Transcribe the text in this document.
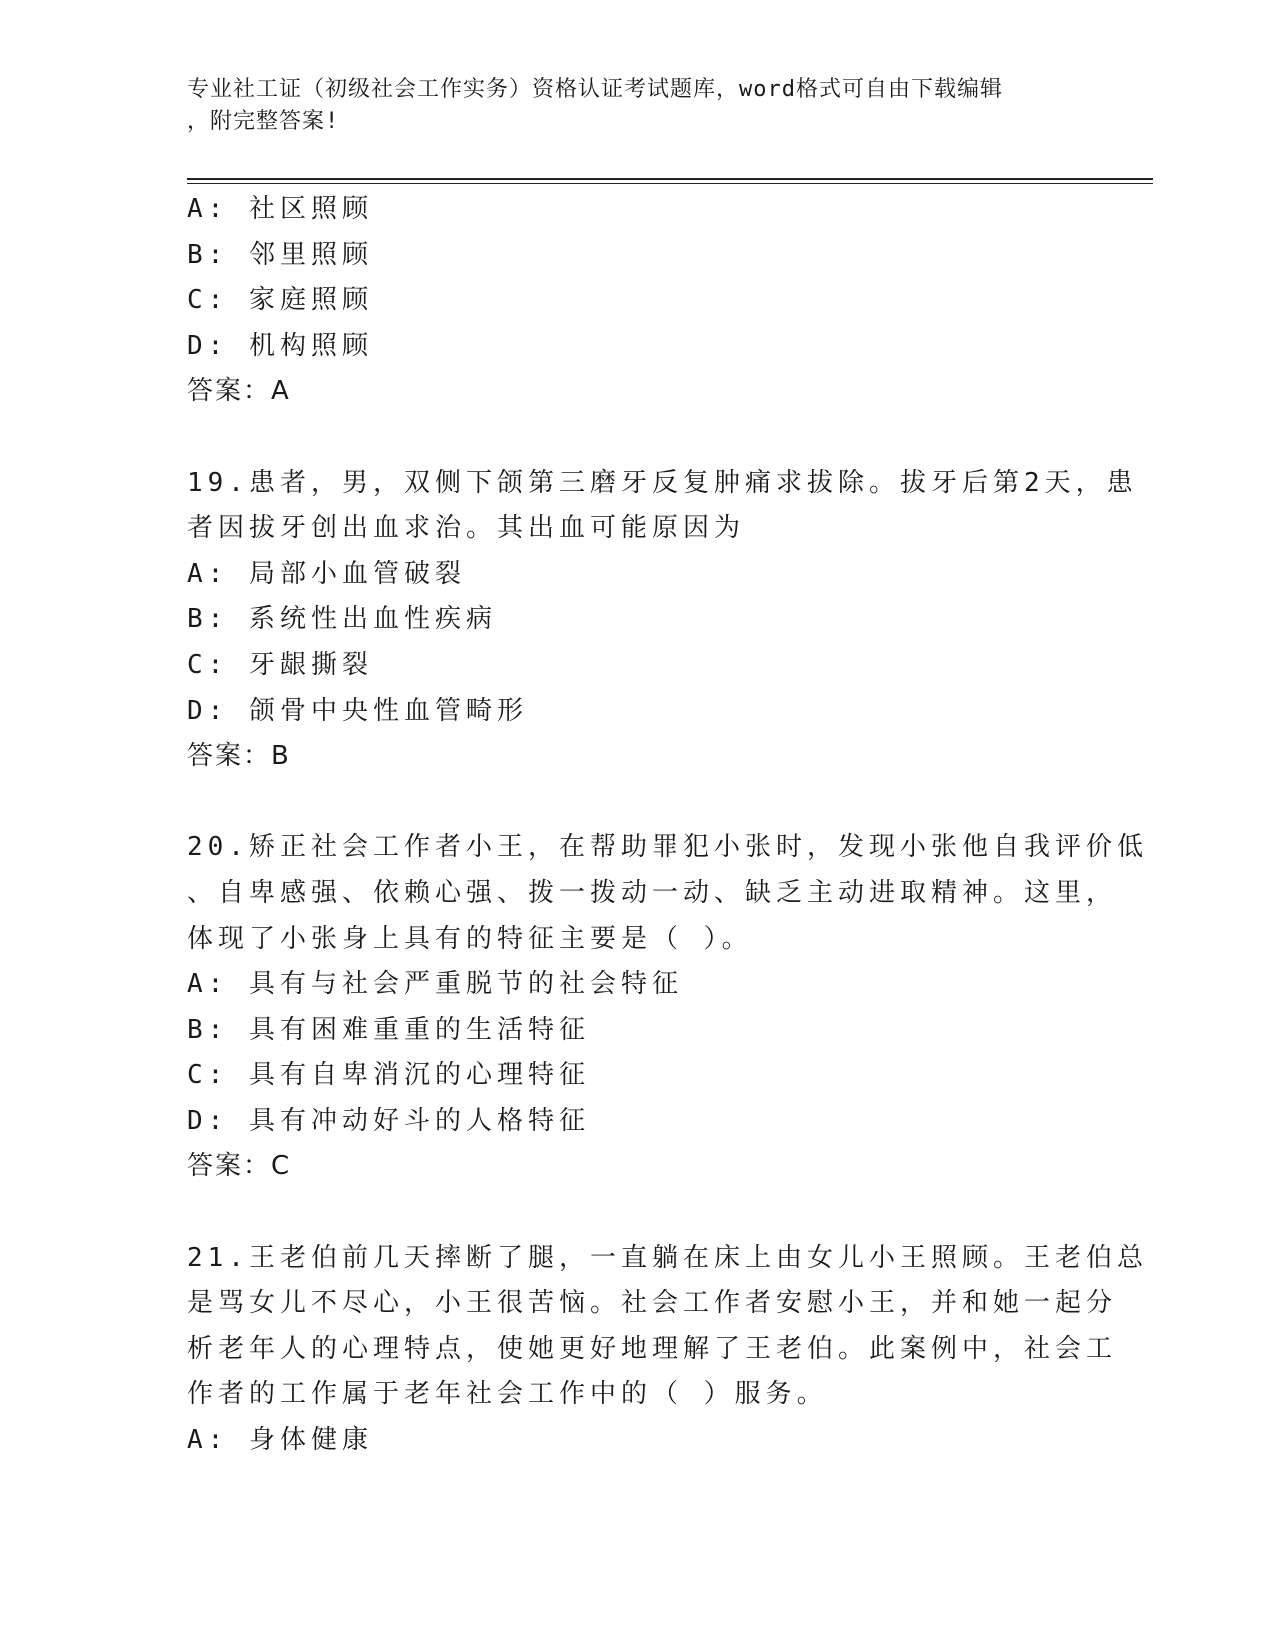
专业社工证（初级社会工作实务）资格认证考试题库，word格式可自由下载编辑
，附完整答案!
A: 社区照顾
B: 邻里照顾
C: 家庭照顾
D: 机构照顾
答案：A
19.患者，男，双侧下颌第三磨牙反复肿痛求拔除。拔牙后第2天，患
者因拔牙创出血求治。其出血可能原因为
A: 局部小血管破裂
B: 系统性出血性疾病
C: 牙龈撕裂
D: 颌骨中央性血管畸形
答案：B
20.矫正社会工作者小王，在帮助罪犯小张时，发现小张他自我评价低
、自卑感强、依赖心强、拨一拨动一动、缺乏主动进取精神。这里，
体现了小张身上具有的特征主要是（ ）。
A: 具有与社会严重脱节的社会特征
B: 具有困难重重的生活特征
C: 具有自卑消沉的心理特征
D: 具有冲动好斗的人格特征
答案：C
21.王老伯前几天摔断了腿，一直躺在床上由女儿小王照顾。王老伯总
是骂女儿不尽心，小王很苦恼。社会工作者安慰小王，并和她一起分
析老年人的心理特点，使她更好地理解了王老伯。此案例中，社会工
作者的工作属于老年社会工作中的（ ）服务。
A: 身体健康
